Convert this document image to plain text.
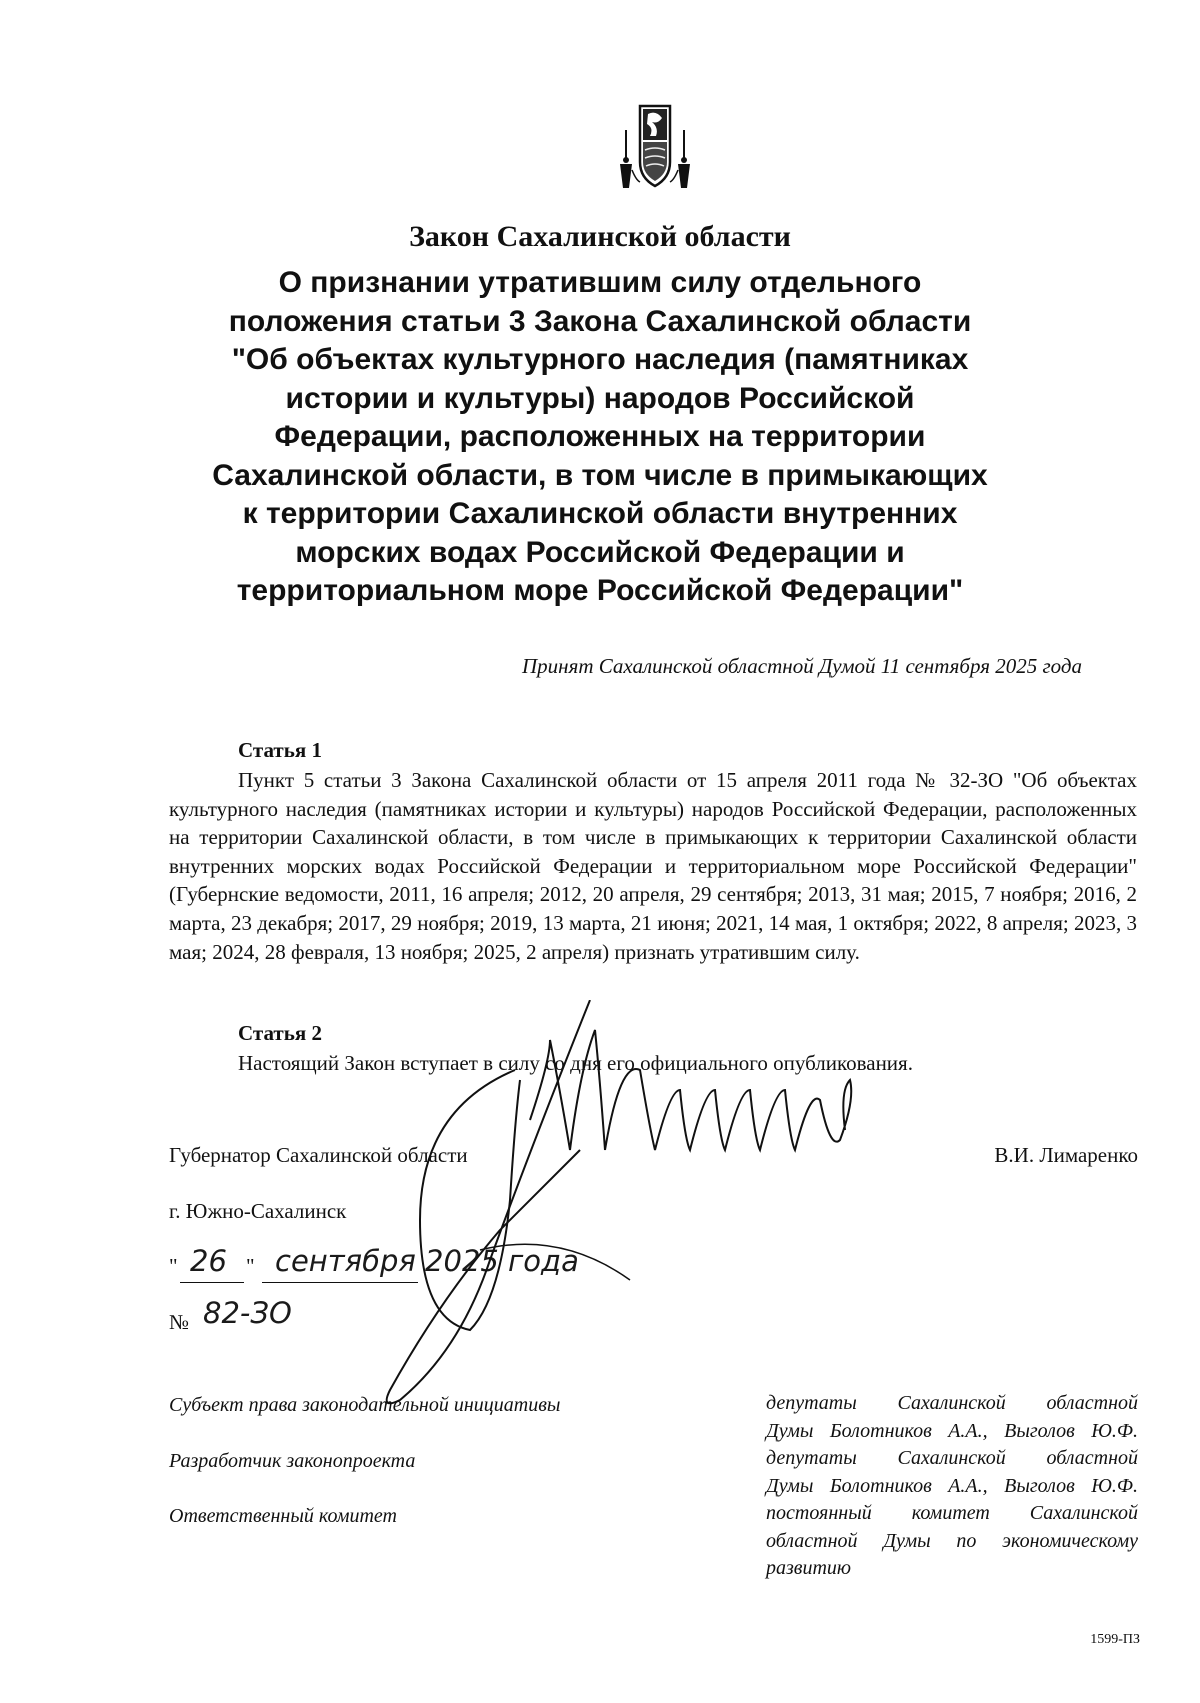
Закон Сахалинской области
О признании утратившим силу отдельного
положения статьи 3 Закона Сахалинской области
"Об объектах культурного наследия (памятниках
истории и культуры) народов Российской
Федерации, расположенных на территории
Сахалинской области, в том числе в примыкающих
к территории Сахалинской области внутренних
морских водах Российской Федерации и
территориальном море Российской Федерации"
Принят Сахалинской областной Думой 11 сентября 2025 года
Статья 1

Пункт 5 статьи 3 Закона Сахалинской области от 15 апреля 2011 года № 32-ЗО "Об объектах культурного наследия (памятниках истории и культуры) народов Российской Федерации, расположенных на территории Сахалинской области, в том числе в примыкающих к территории Сахалинской области внутренних морских водах Российской Федерации и территориальном море Российской Федерации" (Губернские ведомости, 2011, 16 апреля; 2012, 20 апреля, 29 сентября; 2013, 31 мая; 2015, 7 ноября; 2016, 2 марта, 23 декабря; 2017, 29 ноября; 2019, 13 марта, 21 июня; 2021, 14 мая, 1 октября; 2022, 8 апреля; 2023, 3 мая; 2024, 28 февраля, 13 ноября; 2025, 2 апреля) признать утратившим силу.

Статья 2

Настоящий Закон вступает в силу со дня его официального опубликования.

Губернатор Сахалинской области	В.И. Лимаренко
г. Южно-Сахалинск
" 26 " сентября 2025 года
№ 82-ЗО
Субъект права законодательной инициативы	депутаты Сахалинской областной
Думы Болотников А.А., Выголов Ю.Ф.

Разработчик законопроекта	депутаты Сахалинской областной
Думы Болотников А.А., Выголов Ю.Ф.

Ответственный комитет	постоянный комитет Сахалинской
областной Думы по экономическому
развитию

1599-ПЗ
